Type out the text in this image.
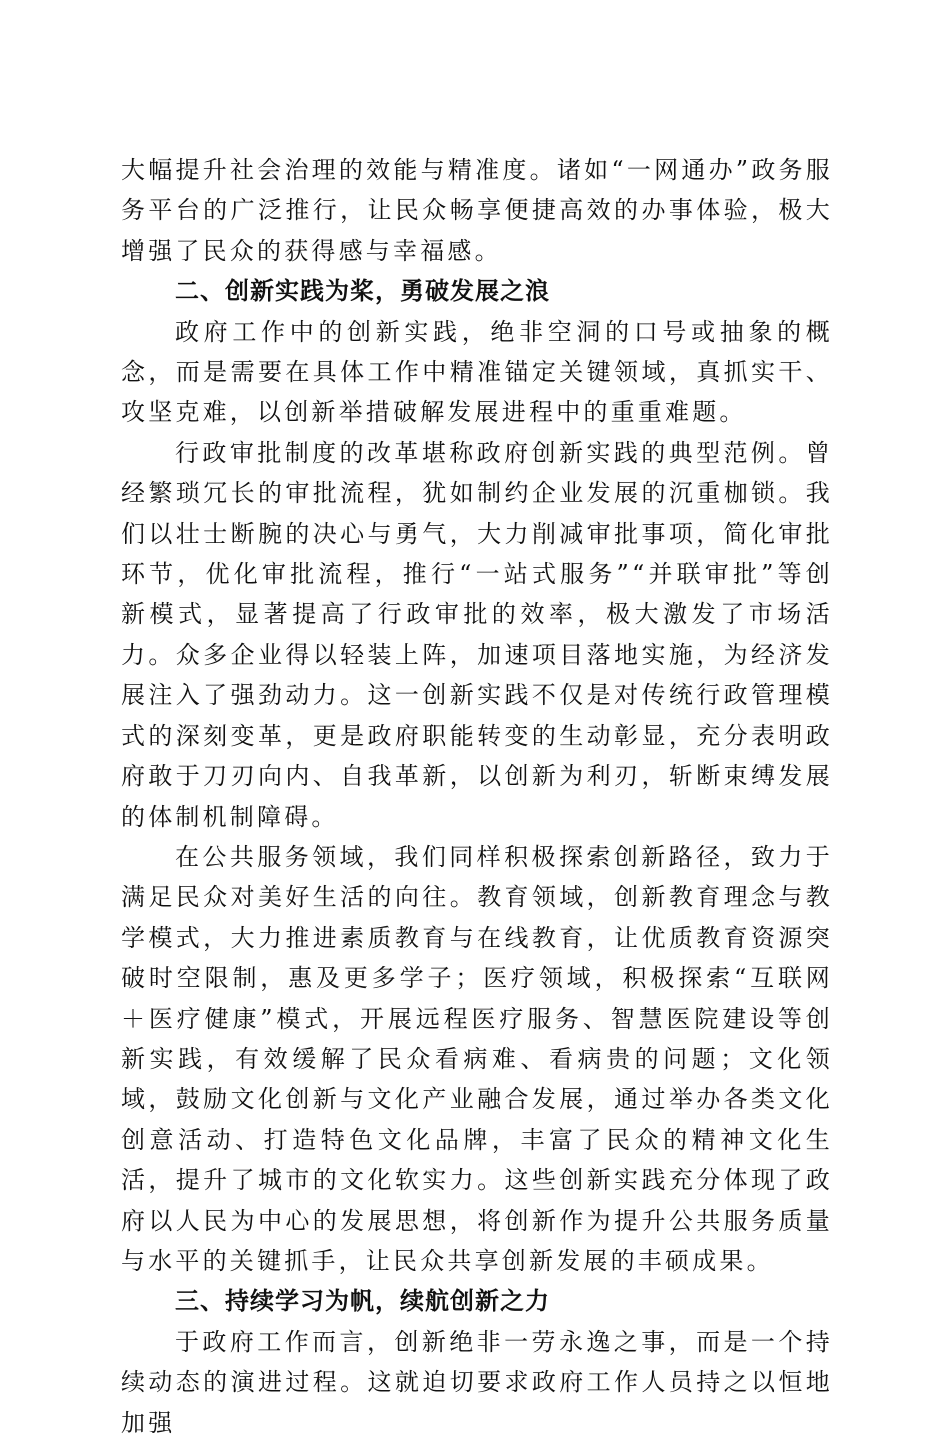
大幅提升社会治理的效能与精准度。诸如“一网通办”政务服务平台的广泛推行，让民众畅享便捷高效的办事体验，极大增强了民众的获得感与幸福感。

二、创新实践为桨，勇破发展之浪

政府工作中的创新实践，绝非空洞的口号或抽象的概念，而是需要在具体工作中精准锚定关键领域，真抓实干、攻坚克难，以创新举措破解发展进程中的重重难题。

行政审批制度的改革堪称政府创新实践的典型范例。曾经繁琐冗长的审批流程，犹如制约企业发展的沉重枷锁。我们以壮士断腕的决心与勇气，大力削减审批事项，简化审批环节，优化审批流程，推行“一站式服务”“并联审批”等创新模式，显著提高了行政审批的效率，极大激发了市场活力。众多企业得以轻装上阵，加速项目落地实施，为经济发展注入了强劲动力。这一创新实践不仅是对传统行政管理模式的深刻变革，更是政府职能转变的生动彰显，充分表明政府敢于刀刃向内、自我革新，以创新为利刃，斩断束缚发展的体制机制障碍。

在公共服务领域，我们同样积极探索创新路径，致力于满足民众对美好生活的向往。教育领域，创新教育理念与教学模式，大力推进素质教育与在线教育，让优质教育资源突破时空限制，惠及更多学子；医疗领域，积极探索“互联网＋医疗健康”模式，开展远程医疗服务、智慧医院建设等创新实践，有效缓解了民众看病难、看病贵的问题；文化领域，鼓励文化创新与文化产业融合发展，通过举办各类文化创意活动、打造特色文化品牌，丰富了民众的精神文化生活，提升了城市的文化软实力。这些创新实践充分体现了政府以人民为中心的发展思想，将创新作为提升公共服务质量与水平的关键抓手，让民众共享创新发展的丰硕成果。

三、持续学习为帆，续航创新之力

于政府工作而言，创新绝非一劳永逸之事，而是一个持续动态的演进过程。这就迫切要求政府工作人员持之以恒地加强
